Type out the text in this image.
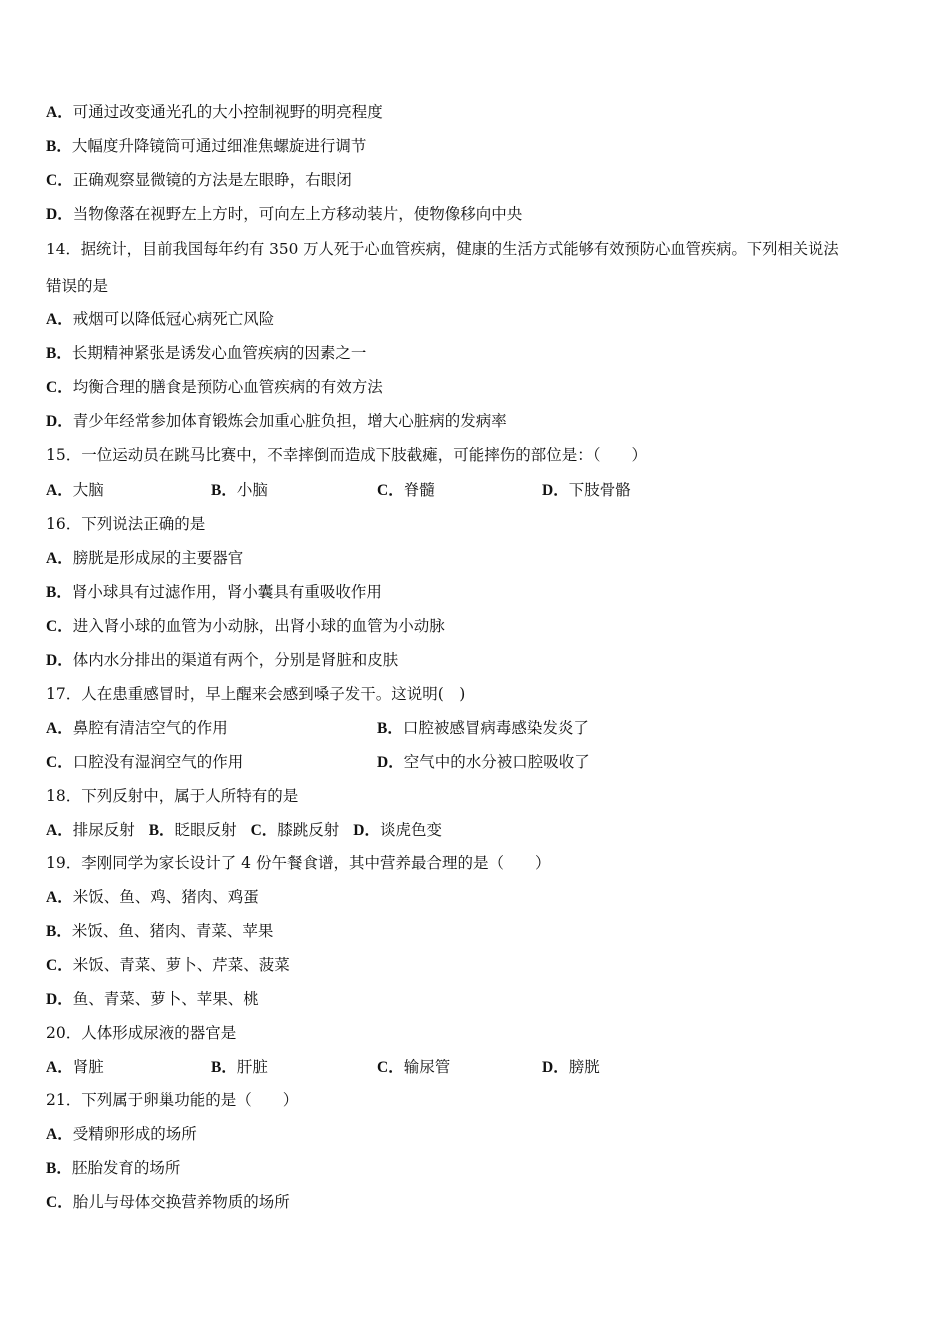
A．可通过改变通光孔的大小控制视野的明亮程度
B．大幅度升降镜筒可通过细准焦螺旋进行调节
C．正确观察显微镜的方法是左眼睁，右眼闭
D．当物像落在视野左上方时，可向左上方移动装片，使物像移向中央
14．据统计，目前我国每年约有 350 万人死于心血管疾病，健康的生活方式能够有效预防心血管疾病。下列相关说法
错误的是
A．戒烟可以降低冠心病死亡风险
B．长期精神紧张是诱发心血管疾病的因素之一
C．均衡合理的膳食是预防心血管疾病的有效方法
D．青少年经常参加体育锻炼会加重心脏负担，增大心脏病的发病率
15．一位运动员在跳马比赛中，不幸摔倒而造成下肢截瘫，可能摔伤的部位是：（　　）
A．大脑	B．小脑	C．脊髓	D．下肢骨骼
16．下列说法正确的是
A．膀胱是形成尿的主要器官
B．肾小球具有过滤作用，肾小囊具有重吸收作用
C．进入肾小球的血管为小动脉，出肾小球的血管为小动脉
D．体内水分排出的渠道有两个，分别是肾脏和皮肤
17．人在患重感冒时，早上醒来会感到嗓子发干。这说明(　)
A．鼻腔有清洁空气的作用	B．口腔被感冒病毒感染发炎了
C．口腔没有湿润空气的作用	D．空气中的水分被口腔吸收了
18．下列反射中，属于人所特有的是
A．排尿反射 B．眨眼反射 C．膝跳反射 D．谈虎色变
19．李刚同学为家长设计了 4 份午餐食谱，其中营养最合理的是（　　）
A．米饭、鱼、鸡、猪肉、鸡蛋
B．米饭、鱼、猪肉、青菜、苹果
C．米饭、青菜、萝卜、芹菜、菠菜
D．鱼、青菜、萝卜、苹果、桃
20．人体形成尿液的器官是
A．肾脏	B．肝脏	C．输尿管	D．膀胱
21．下列属于卵巢功能的是（　　）
A．受精卵形成的场所
B．胚胎发育的场所
C．胎儿与母体交换营养物质的场所
